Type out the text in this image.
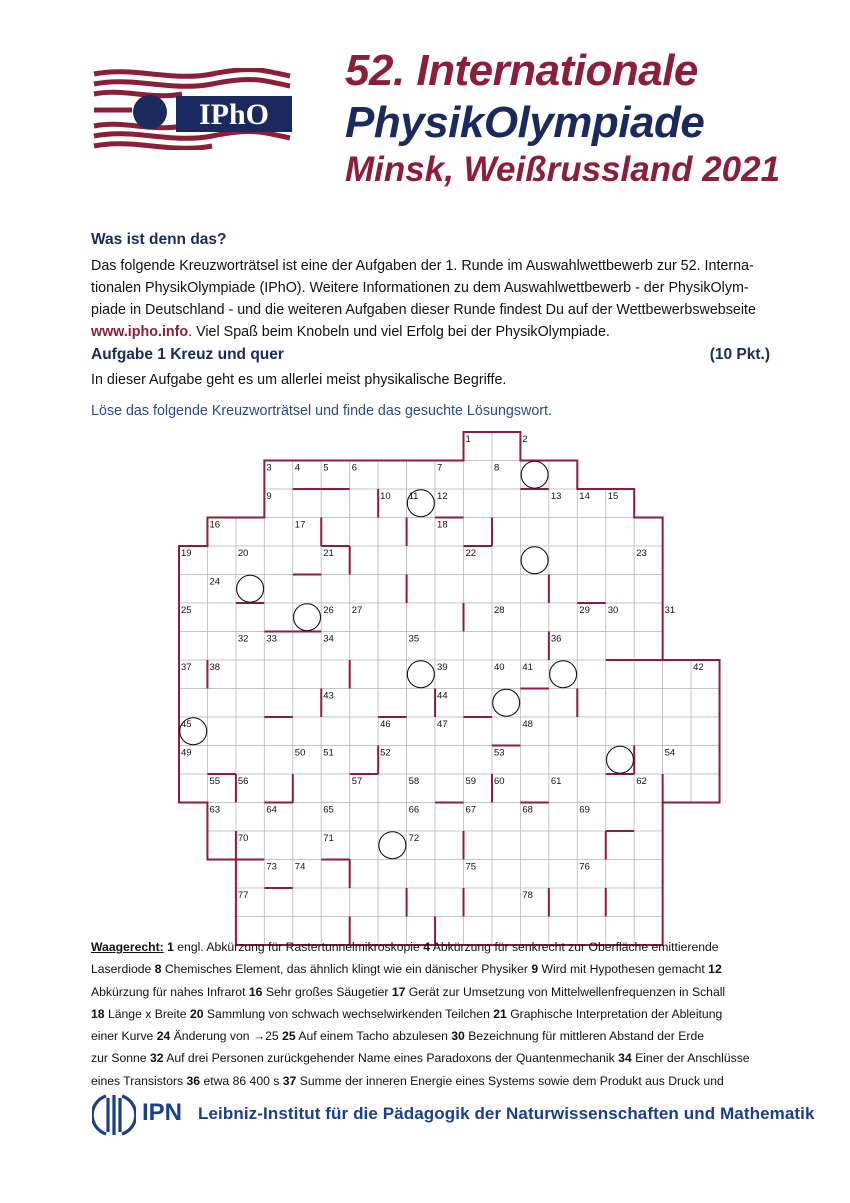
IPhO
52. Internationale
PhysikOlympiade
Minsk, Weißrussland 2021
Was ist denn das?
Das folgende Kreuzworträtsel ist eine der Aufgaben der 1. Runde im Auswahlwettbewerb zur 52. Interna-
tionalen PhysikOlympiade (IPhO). Weitere Informationen zu dem Auswahlwettbewerb - der PhysikOlym-
piade in Deutschland - und die weiteren Aufgaben dieser Runde findest Du auf der Wettbewerbswebseite
www.ipho.info. Viel Spaß beim Knobeln und viel Erfolg bei der PhysikOlympiade.
Aufgabe 1 Kreuz und quer	(10 Pkt.)
In dieser Aufgabe geht es um allerlei meist physikalische Begriffe.
Löse das folgende Kreuzworträtsel und finde das gesuchte Lösungswort.
1	2
3 4 5 6	7	8
9	10 11 12	13 14 15
16	17	18
19	20	21	22	23
24
25	26 27	28	29 30	31
32 33	34	35	36
37 38	39	40 41	42
43	44
45	46	47	48
49	50 51	52	53	54
55 56	57	58	59 60	61	62
63	64	65	66	67	68	69
70	71	72
73 74	75	76
77	78
Waagerecht: 1 engl. Abkürzung für Rastertunnelmikroskopie 4 Abkürzung für senkrecht zur Oberfläche emittierende
Laserdiode 8 Chemisches Element, das ähnlich klingt wie ein dänischer Physiker 9 Wird mit Hypothesen gemacht 12
Abkürzung für nahes Infrarot 16 Sehr großes Säugetier 17 Gerät zur Umsetzung von Mittelwellenfrequenzen in Schall
18 Länge x Breite 20 Sammlung von schwach wechselwirkenden Teilchen 21 Graphische Interpretation der Ableitung
einer Kurve 24 Änderung von →25 25 Auf einem Tacho abzulesen 30 Bezeichnung für mittleren Abstand der Erde
zur Sonne 32 Auf drei Personen zurückgehender Name eines Paradoxons der Quantenmechanik 34 Einer der Anschlüsse
eines Transistors 36 etwa 86 400 s 37 Summe der inneren Energie eines Systems sowie dem Produkt aus Druck und
IPN Leibniz-Institut für die Pädagogik der Naturwissenschaften und Mathematik
